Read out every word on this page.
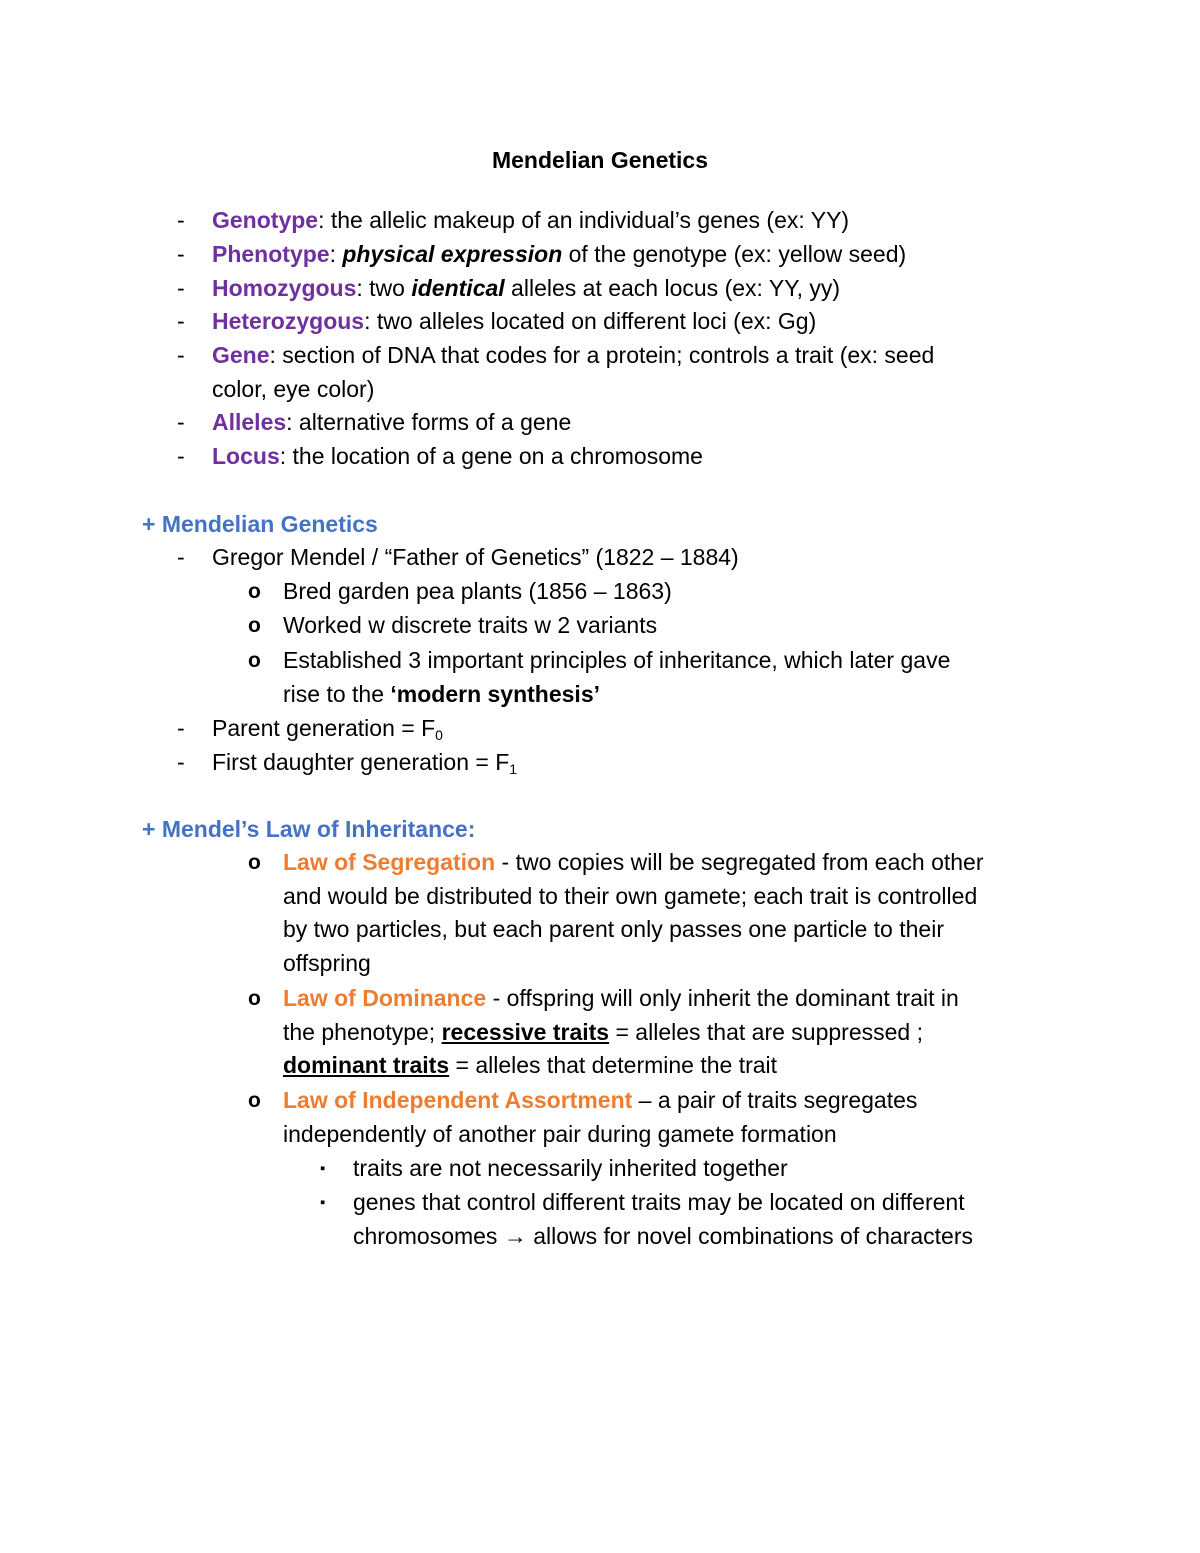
Mendelian Genetics
- Genotype: the allelic makeup of an individual’s genes (ex: YY)
- Phenotype: physical expression of the genotype (ex: yellow seed)
- Homozygous: two identical alleles at each locus (ex: YY, yy)
- Heterozygous: two alleles located on different loci (ex: Gg)
- Gene: section of DNA that codes for a protein; controls a trait (ex: seed
color, eye color)
- Alleles: alternative forms of a gene
- Locus: the location of a gene on a chromosome
+ Mendelian Genetics
- Gregor Mendel / “Father of Genetics” (1822 – 1884)
o Bred garden pea plants (1856 – 1863)
o Worked w discrete traits w 2 variants
o Established 3 important principles of inheritance, which later gave
rise to the ‘modern synthesis’
- Parent generation = $F_0$
- First daughter generation = $F_1$
+ Mendel’s Law of Inheritance:
o Law of Segregation - two copies will be segregated from each other
and would be distributed to their own gamete; each trait is controlled
by two particles, but each parent only passes one particle to their
offspring
o Law of Dominance - offspring will only inherit the dominant trait in
the phenotype; recessive traits = alleles that are suppressed ;
dominant traits = alleles that determine the trait
o Law of Independent Assortment – a pair of traits segregates
independently of another pair during gamete formation
▪ traits are not necessarily inherited together
▪ genes that control different traits may be located on different
chromosomes → allows for novel combinations of characters
